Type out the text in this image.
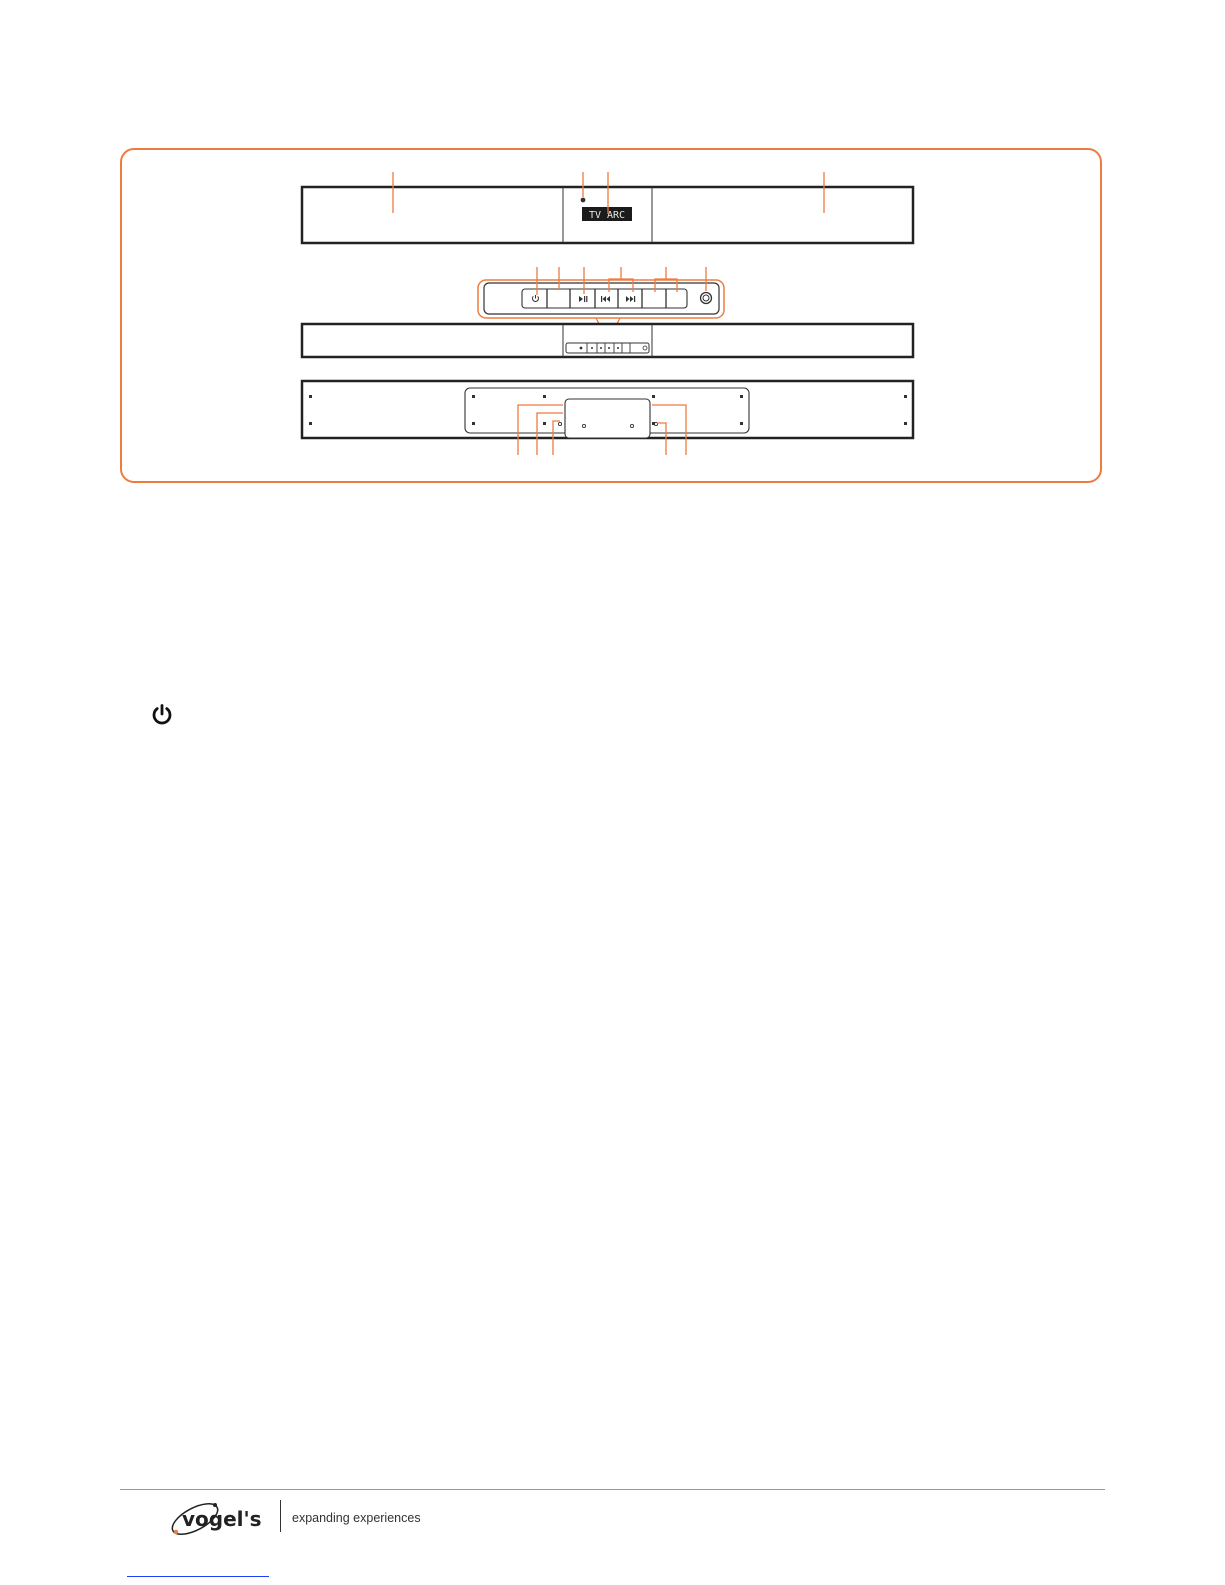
TV ARC
vogel's expanding experiences
